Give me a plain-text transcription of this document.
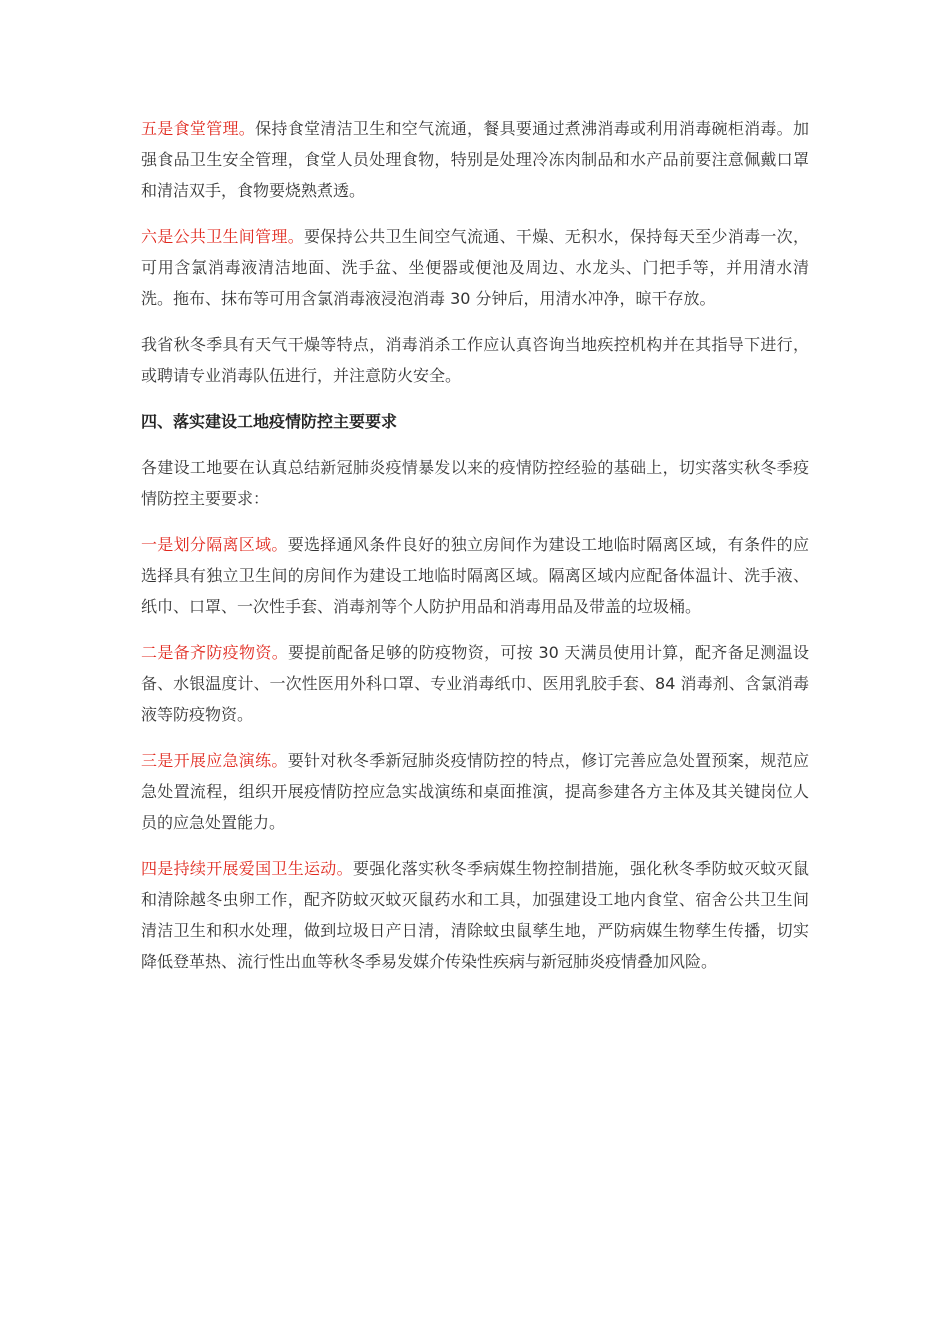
五是食堂管理。保持食堂清洁卫生和空气流通，餐具要通过煮沸消毒或利用消毒碗柜消毒。加强食品卫生安全管理，食堂人员处理食物，特别是处理冷冻肉制品和水产品前要注意佩戴口罩和清洁双手，食物要烧熟煮透。

六是公共卫生间管理。要保持公共卫生间空气流通、干燥、无积水，保持每天至少消毒一次，可用含氯消毒液清洁地面、洗手盆、坐便器或便池及周边、水龙头、门把手等，并用清水清洗。拖布、抹布等可用含氯消毒液浸泡消毒 30 分钟后，用清水冲净，晾干存放。

我省秋冬季具有天气干燥等特点，消毒消杀工作应认真咨询当地疾控机构并在其指导下进行，或聘请专业消毒队伍进行，并注意防火安全。

四、落实建设工地疫情防控主要要求

各建设工地要在认真总结新冠肺炎疫情暴发以来的疫情防控经验的基础上，切实落实秋冬季疫情防控主要要求：

一是划分隔离区域。要选择通风条件良好的独立房间作为建设工地临时隔离区域，有条件的应选择具有独立卫生间的房间作为建设工地临时隔离区域。隔离区域内应配备体温计、洗手液、纸巾、口罩、一次性手套、消毒剂等个人防护用品和消毒用品及带盖的垃圾桶。

二是备齐防疫物资。要提前配备足够的防疫物资，可按 30 天满员使用计算，配齐备足测温设备、水银温度计、一次性医用外科口罩、专业消毒纸巾、医用乳胶手套、84 消毒剂、含氯消毒液等防疫物资。

三是开展应急演练。要针对秋冬季新冠肺炎疫情防控的特点，修订完善应急处置预案，规范应急处置流程，组织开展疫情防控应急实战演练和桌面推演，提高参建各方主体及其关键岗位人员的应急处置能力。

四是持续开展爱国卫生运动。要强化落实秋冬季病媒生物控制措施，强化秋冬季防蚊灭蚊灭鼠和清除越冬虫卵工作，配齐防蚊灭蚊灭鼠药水和工具，加强建设工地内食堂、宿舍公共卫生间清洁卫生和积水处理，做到垃圾日产日清，清除蚊虫鼠孳生地，严防病媒生物孳生传播，切实降低登革热、流行性出血等秋冬季易发媒介传染性疾病与新冠肺炎疫情叠加风险。
